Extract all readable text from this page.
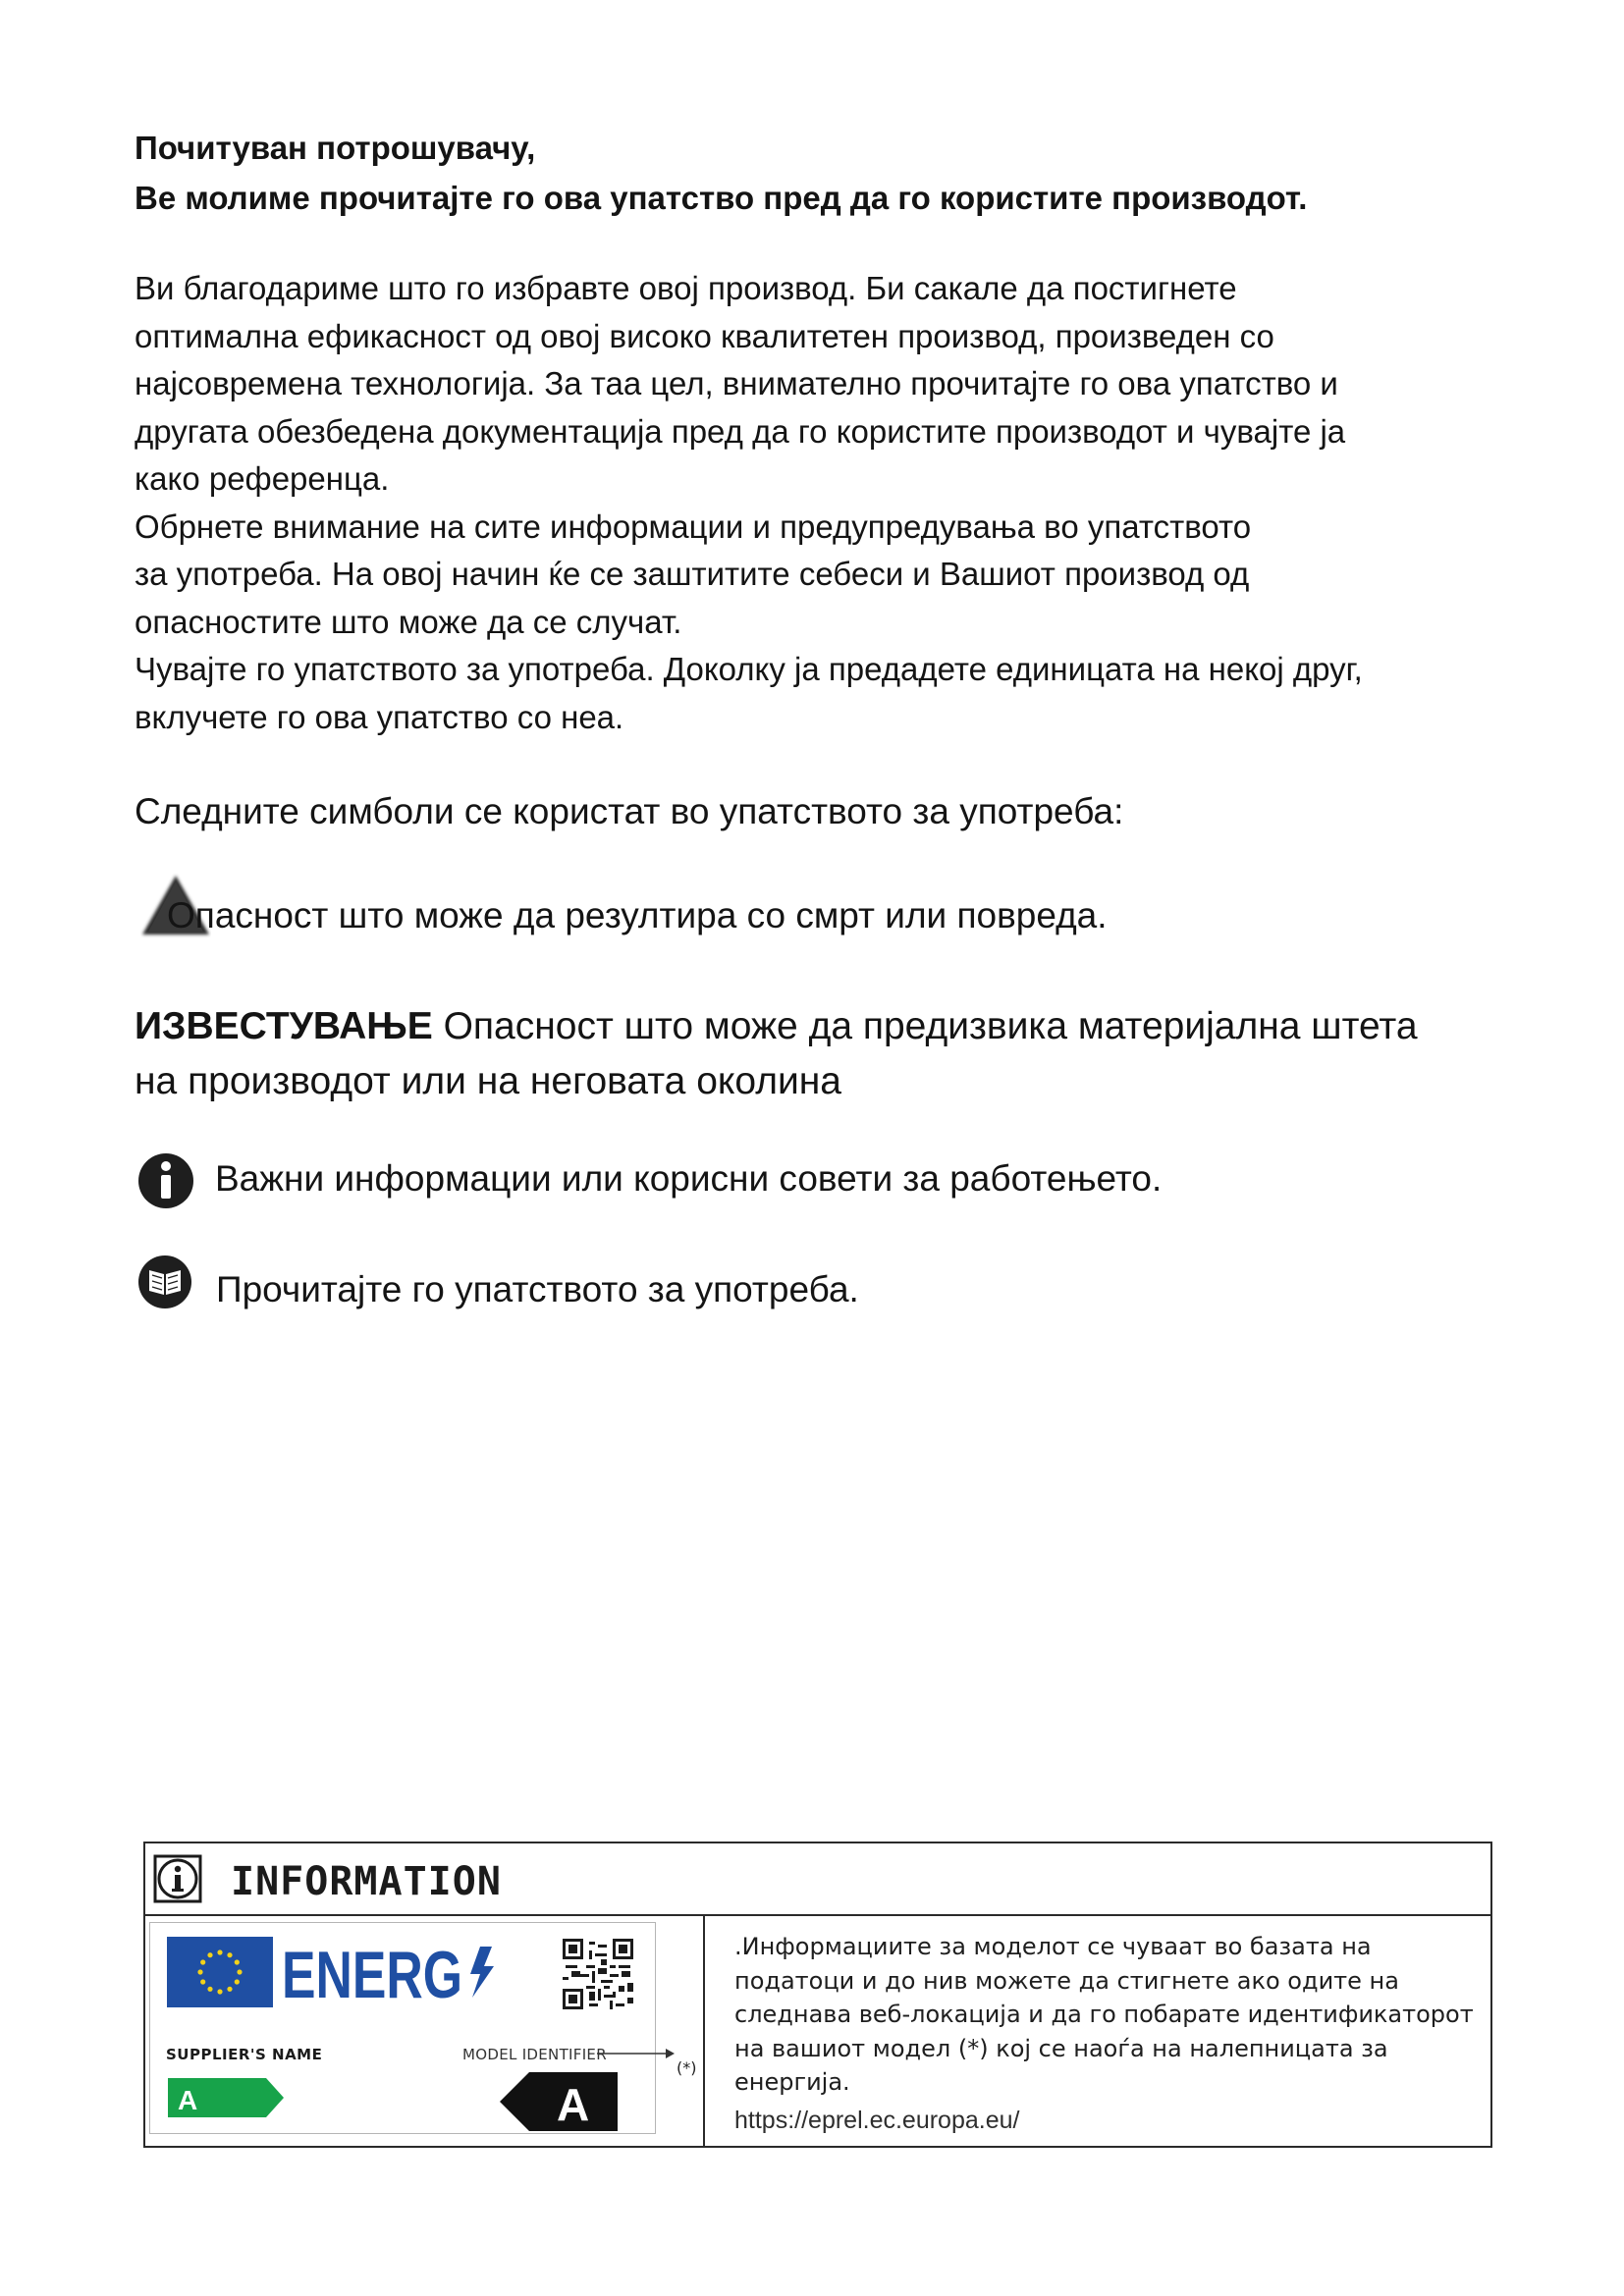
Почитуван потрошувачу,
Ве молиме прочитајте го ова упатство пред да го користите производот.

Ви благодариме што го избравте овој производ. Би сакале да постигнете

оптимална ефикасност од овој високо квалитетен производ, произведен со

најсовремена технологија. За таа цел, внимателно прочитајте го ова упатство и

другата обезбедена документација пред да го користите производот и чувајте ја

како референца.

Обрнете внимание на сите информации и предупредувања во упатството

за употреба. На овој начин ќе се заштитите себеси и Вашиот производ од

опасностите што може да се случат.

Чувајте го упатството за употреба. Доколку ја предадете единицата на некој друг,

вклучете го ова упатство со неа.

Следните симболи се користат во упатството за употреба:
Опасност што може да резултира со смрт или повреда.

ИЗВЕСТУВАЊЕ Опасност што може да предизвика материјална штета

на производот или на неговата околина

Важни информации или корисни совети за работењето.
Прочитајте го упатството за употреба.
INFORMATION
ENERG
SUPPLIER'S NAME	MODEL IDENTIFIER
(*)
A	A

.Информациите за моделот се чуваат во базата на

податоци и до нив можете да стигнете ако одите на

следнава веб-локација и да го побарате идентификаторот

на вашиот модел (*) кој се наоѓа на налепницата за

енергија.

https://eprel.ec.europa.eu/
